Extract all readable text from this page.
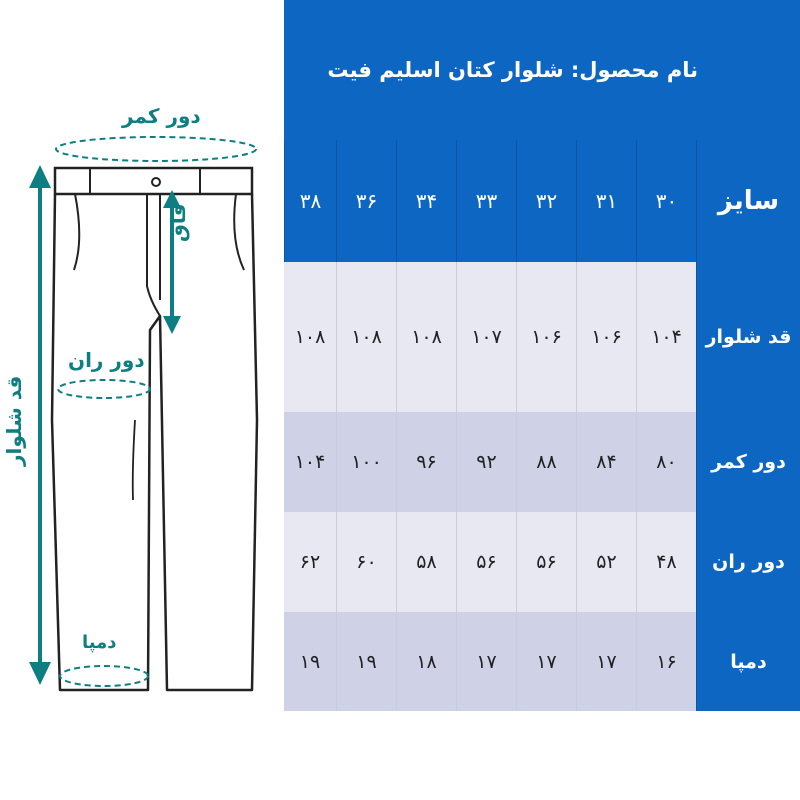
دور کمر
فاق
دور ران
قد شلوار
دمپا
نام محصول: شلوار کتان اسلیم فیت
۳۸	۳۶	۳۴	۳۳	۳۲	۳۱	۳۰	سایز
۱۰۸	۱۰۸	۱۰۸	۱۰۷	۱۰۶	۱۰۶	۱۰۴	قد شلوار
۱۰۴	۱۰۰	۹۶	۹۲	۸۸	۸۴	۸۰	دور کمر
۶۲	۶۰	۵۸	۵۶	۵۶	۵۲	۴۸	دور ران
۱۹	۱۹	۱۸	۱۷	۱۷	۱۷	۱۶	دمپا
